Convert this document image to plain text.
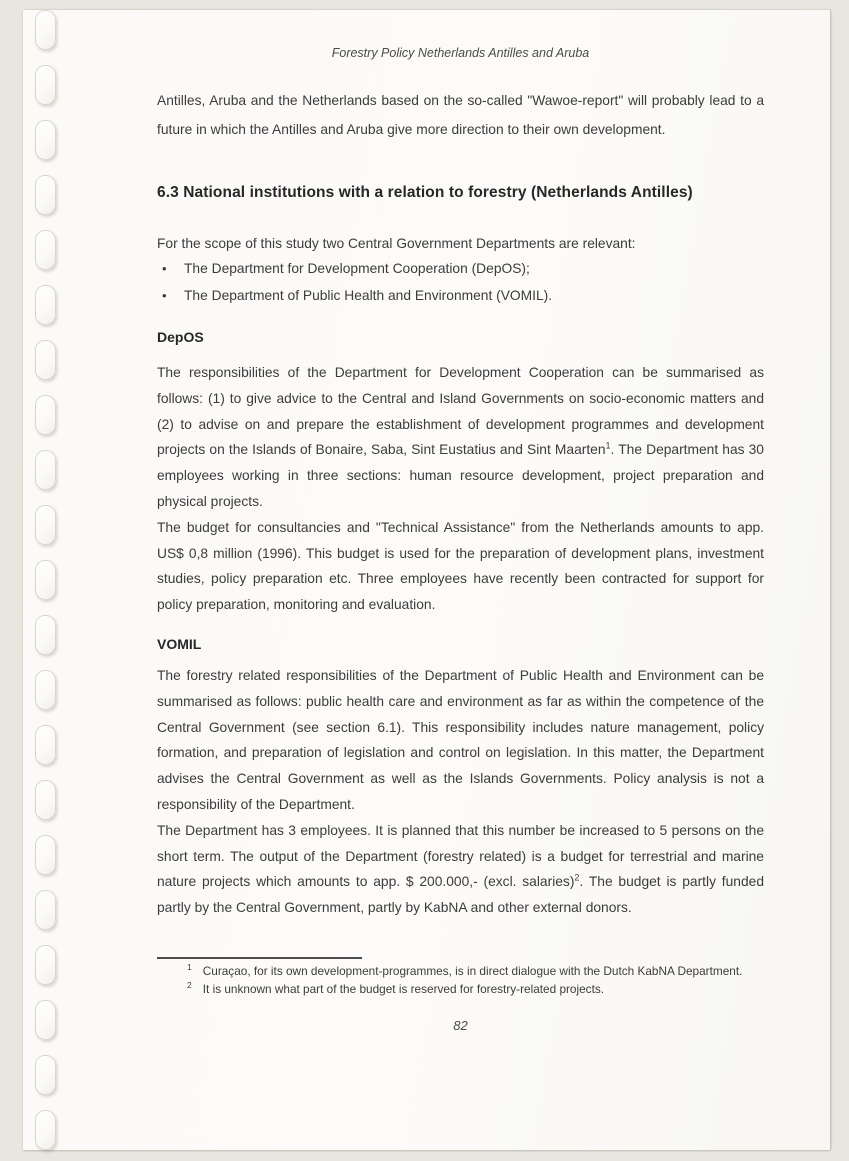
Forestry Policy Netherlands Antilles and Aruba

Antilles, Aruba and the Netherlands based on the so-called "Wawoe-report" will probably lead to a future in which the Antilles and Aruba give more direction to their own development.

6.3 National institutions with a relation to forestry (Netherlands Antilles)

For the scope of this study two Central Government Departments are relevant:

•	The Department for Development Cooperation (DepOS);
•	The Department of Public Health and Environment (VOMIL).
DepOS

The responsibilities of the Department for Development Cooperation can be summarised as follows: (1) to give advice to the Central and Island Governments on socio-economic matters and (2) to advise on and prepare the establishment of development programmes and development projects on the Islands of Bonaire, Saba, Sint Eustatius and Sint Maarten$^1$. The Department has 30 employees working in three sections: human resource development, project preparation and physical projects.

The budget for consultancies and "Technical Assistance" from the Netherlands amounts to app. US$ 0,8 million (1996). This budget is used for the preparation of development plans, investment studies, policy preparation etc. Three employees have recently been contracted for support for policy preparation, monitoring and evaluation.

VOMIL

The forestry related responsibilities of the Department of Public Health and Environment can be summarised as follows: public health care and environment as far as within the competence of the Central Government (see section 6.1). This responsibility includes nature management, policy formation, and preparation of legislation and control on legislation. In this matter, the Department advises the Central Government as well as the Islands Governments. Policy analysis is not a responsibility of the Department.

The Department has 3 employees. It is planned that this number be increased to 5 persons on the short term. The output of the Department (forestry related) is a budget for terrestrial and marine nature projects which amounts to app. $ 200.000,- (excl. salaries)$^2$. The budget is partly funded partly by the Central Government, partly by KabNA and other external donors.

$^1$ Curaçao, for its own development-programmes, is in direct dialogue with the Dutch KabNA Department.

$^2$ It is unknown what part of the budget is reserved for forestry-related projects.

82
